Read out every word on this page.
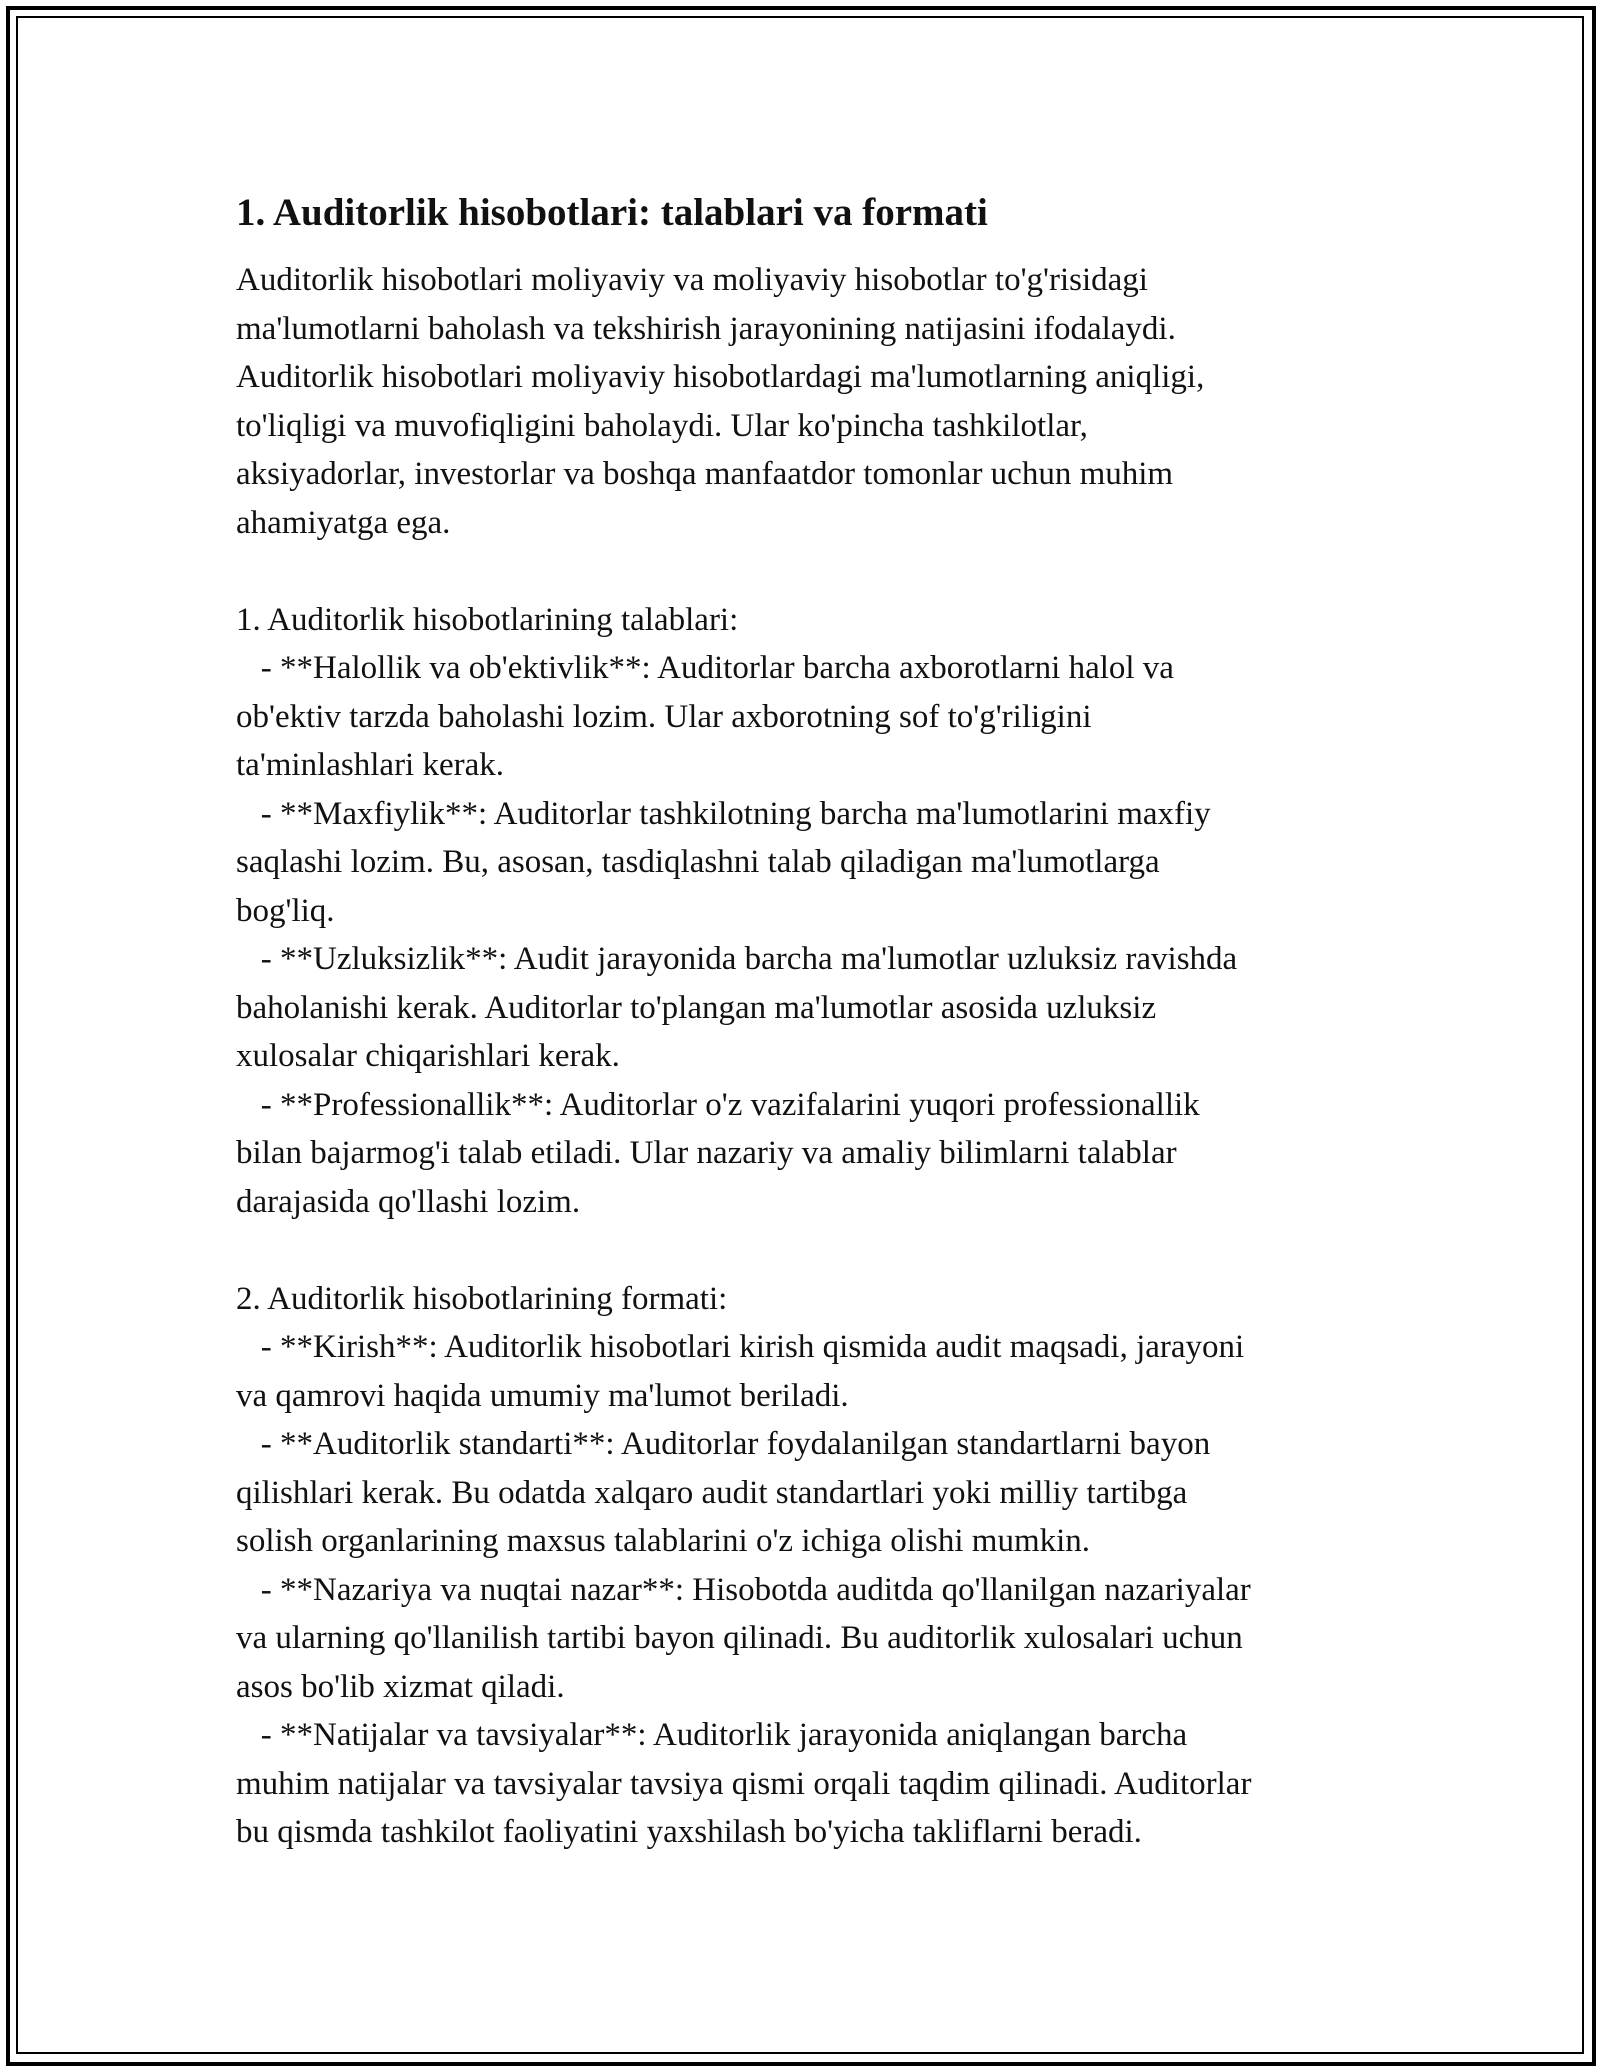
1. Auditorlik hisobotlari: talablari va formati

Auditorlik hisobotlari moliyaviy va moliyaviy hisobotlar to'g'risidagi
ma'lumotlarni baholash va tekshirish jarayonining natijasini ifodalaydi.
Auditorlik hisobotlari moliyaviy hisobotlardagi ma'lumotlarning aniqligi,
to'liqligi va muvofiqligini baholaydi. Ular ko'pincha tashkilotlar,
aksiyadorlar, investorlar va boshqa manfaatdor tomonlar uchun muhim
ahamiyatga ega.

1. Auditorlik hisobotlarining talablari:
- **Halollik va ob'ektivlik**: Auditorlar barcha axborotlarni halol va
ob'ektiv tarzda baholashi lozim. Ular axborotning sof to'g'riligini
ta'minlashlari kerak.
- **Maxfiylik**: Auditorlar tashkilotning barcha ma'lumotlarini maxfiy
saqlashi lozim. Bu, asosan, tasdiqlashni talab qiladigan ma'lumotlarga
bog'liq.
- **Uzluksizlik**: Audit jarayonida barcha ma'lumotlar uzluksiz ravishda
baholanishi kerak. Auditorlar to'plangan ma'lumotlar asosida uzluksiz
xulosalar chiqarishlari kerak.
- **Professionallik**: Auditorlar o'z vazifalarini yuqori professionallik
bilan bajarmog'i talab etiladi. Ular nazariy va amaliy bilimlarni talablar
darajasida qo'llashi lozim.

2. Auditorlik hisobotlarining formati:
- **Kirish**: Auditorlik hisobotlari kirish qismida audit maqsadi, jarayoni
va qamrovi haqida umumiy ma'lumot beriladi.
- **Auditorlik standarti**: Auditorlar foydalanilgan standartlarni bayon
qilishlari kerak. Bu odatda xalqaro audit standartlari yoki milliy tartibga
solish organlarining maxsus talablarini o'z ichiga olishi mumkin.
- **Nazariya va nuqtai nazar**: Hisobotda auditda qo'llanilgan nazariyalar
va ularning qo'llanilish tartibi bayon qilinadi. Bu auditorlik xulosalari uchun
asos bo'lib xizmat qiladi.
- **Natijalar va tavsiyalar**: Auditorlik jarayonida aniqlangan barcha
muhim natijalar va tavsiyalar tavsiya qismi orqali taqdim qilinadi. Auditorlar
bu qismda tashkilot faoliyatini yaxshilash bo'yicha takliflarni beradi.
